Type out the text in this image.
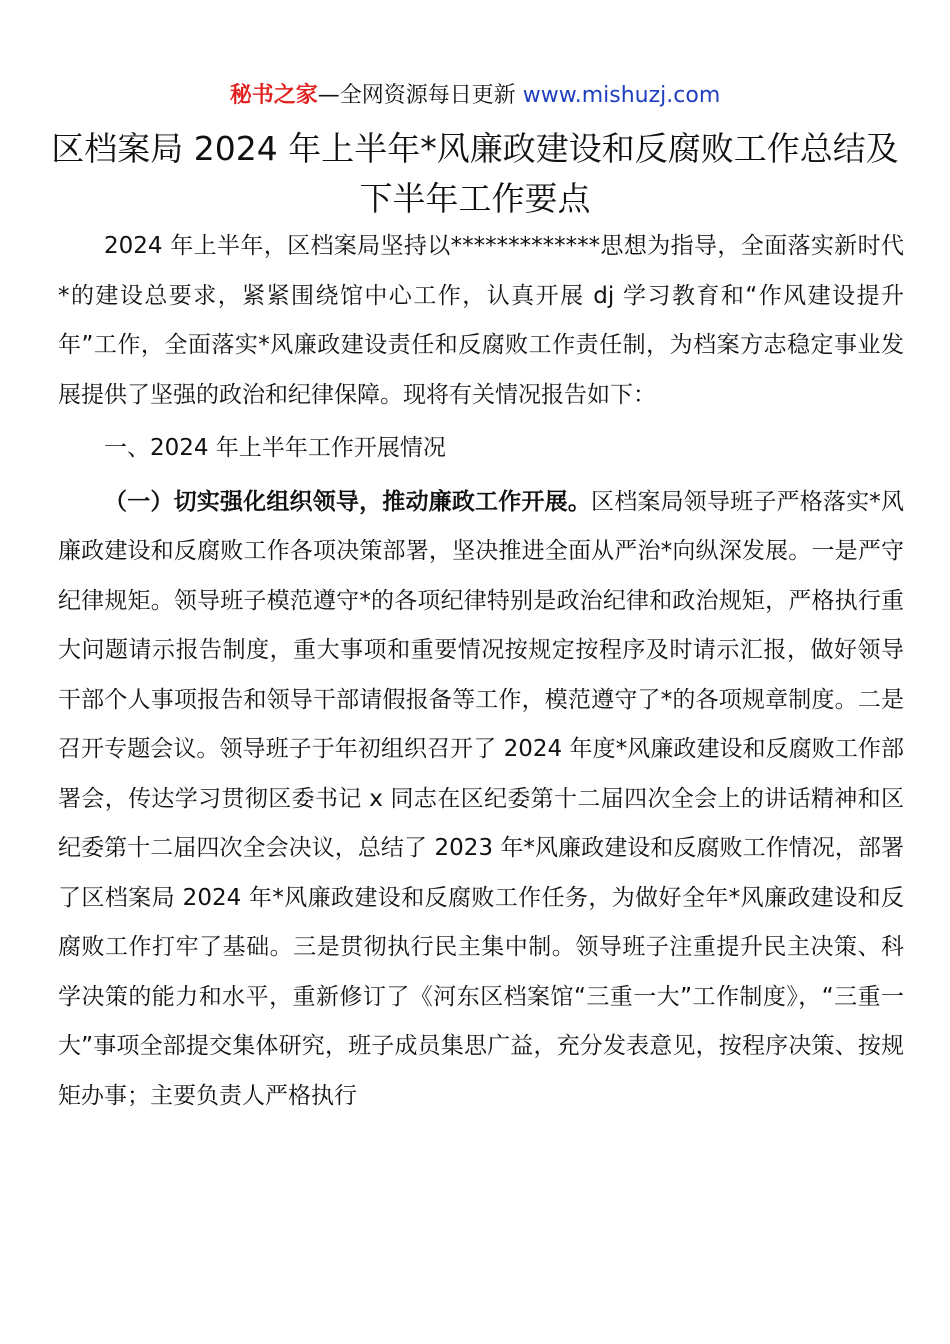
秘书之家—全网资源每日更新 www.mishuzj.com
区档案局 2024 年上半年*风廉政建设和反腐败工作总结及下半年工作要点

2024 年上半年，区档案局坚持以*************思想为指导，全面落实新时代*的建设总要求，紧紧围绕馆中心工作，认真开展 dj 学习教育和“作风建设提升年”工作，全面落实*风廉政建设责任和反腐败工作责任制，为档案方志稳定事业发展提供了坚强的政治和纪律保障。现将有关情况报告如下：

一、2024 年上半年工作开展情况

（一）切实强化组织领导，推动廉政工作开展。区档案局领导班子严格落实*风廉政建设和反腐败工作各项决策部署，坚决推进全面从严治*向纵深发展。一是严守纪律规矩。领导班子模范遵守*的各项纪律特别是政治纪律和政治规矩，严格执行重大问题请示报告制度，重大事项和重要情况按规定按程序及时请示汇报，做好领导干部个人事项报告和领导干部请假报备等工作，模范遵守了*的各项规章制度。二是召开专题会议。领导班子于年初组织召开了 2024 年度*风廉政建设和反腐败工作部署会，传达学习贯彻区委书记 x 同志在区纪委第十二届四次全会上的讲话精神和区纪委第十二届四次全会决议，总结了 2023 年*风廉政建设和反腐败工作情况，部署了区档案局 2024 年*风廉政建设和反腐败工作任务，为做好全年*风廉政建设和反腐败工作打牢了基础。三是贯彻执行民主集中制。领导班子注重提升民主决策、科学决策的能力和水平，重新修订了《河东区档案馆“三重一大”工作制度》，“三重一大”事项全部提交集体研究，班子成员集思广益，充分发表意见，按程序决策、按规矩办事；主要负责人严格执行
